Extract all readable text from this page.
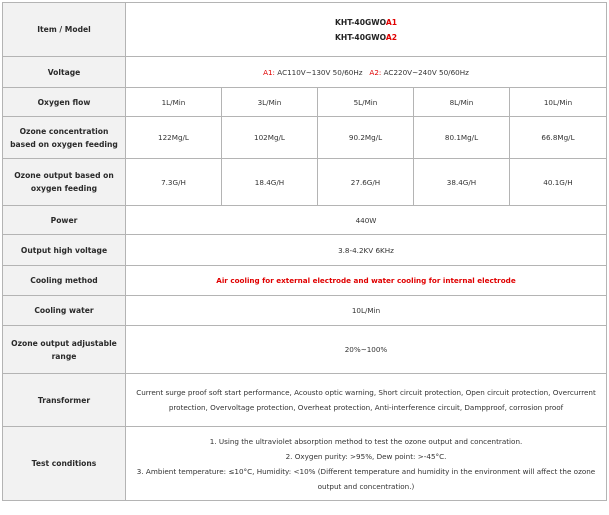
Item / Model	KHT-40GWOA1
KHT-40GWOA2				

Voltage	A1: AC110V~130V 50/60Hz A2: AC220V~240V 50/60Hz				
Oxygen flow	1L/Min	3L/Min	5L/Min	8L/Min	10L/Min
Ozone concentration based on oxygen feeding	122Mg/L	102Mg/L	90.2Mg/L	80.1Mg/L	66.8Mg/L
Ozone output based on oxygen feeding	7.3G/H	18.4G/H	27.6G/H	38.4G/H	40.1G/H
Power	440W				
Output high voltage	3.8-4.2KV 6KHz				
Cooling method	Air cooling for external electrode and water cooling for internal electrode				
Cooling water	10L/Min				
Ozone output adjustable range	20%~100%				
Transformer	Current surge proof soft start performance, Acousto optic warning, Short circuit protection, Open circuit protection, Overcurrent protection, Overvoltage protection, Overheat protection, Anti-interference circuit, Dampproof, corrosion proof				
Test conditions	1. Using the ultraviolet absorption method to test the ozone output and concentration.
2. Oxygen purity: >95%, Dew point: >-45°C.
3. Ambient temperature: ≤10°C, Humidity: <10% (Different temperature and humidity in the environment will affect the ozone output and concentration.)				
